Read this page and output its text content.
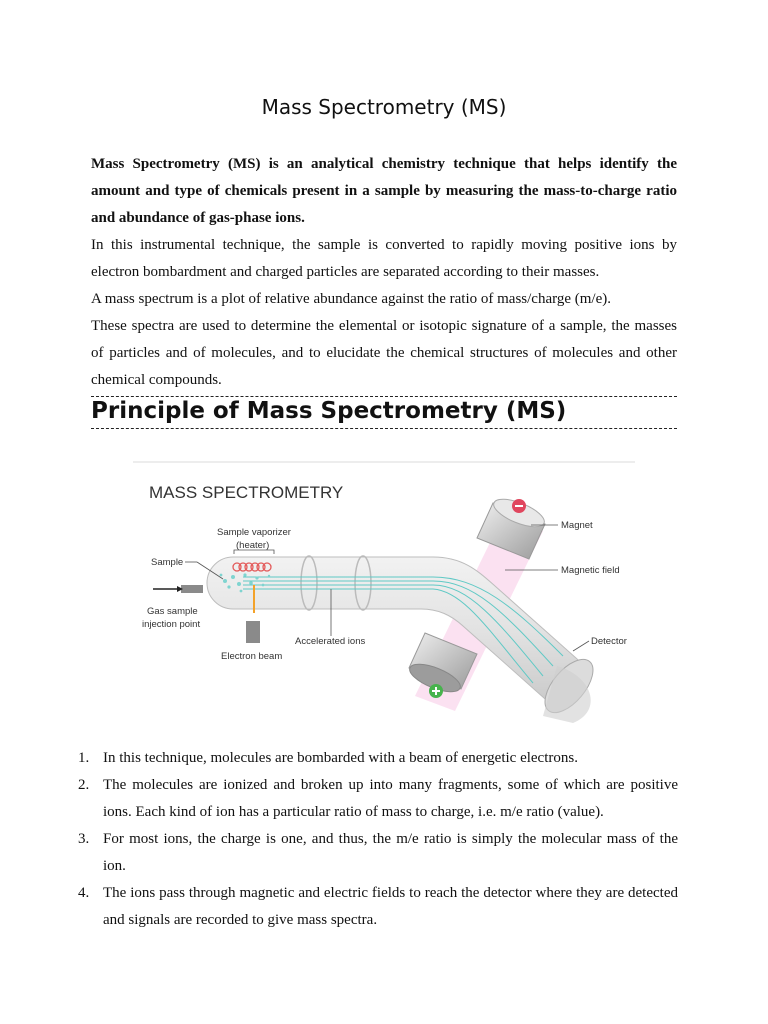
Mass Spectrometry (MS)

Mass Spectrometry (MS) is an analytical chemistry technique that helps identify the amount and type of chemicals present in a sample by measuring the mass-to-charge ratio and abundance of gas-phase ions.

In this instrumental technique, the sample is converted to rapidly moving positive ions by electron bombardment and charged particles are separated according to their masses.

A mass spectrum is a plot of relative abundance against the ratio of mass/charge (m/e).

These spectra are used to determine the elemental or isotopic signature of a sample, the masses of particles and of molecules, and to elucidate the chemical structures of molecules and other chemical compounds.

Principle of Mass Spectrometry (MS)
MASS SPECTROMETRY
Sample vaporizer
(heater)
Sample
Gas sample
injection point
Electron beam
Accelerated ions
Magnet
Magnetic field
Detector
1. In this technique, molecules are bombarded with a beam of energetic electrons.
2. The molecules are ionized and broken up into many fragments, some of which are positive ions. Each kind of ion has a particular ratio of mass to charge, i.e. m/e ratio (value).
3. For most ions, the charge is one, and thus, the m/e ratio is simply the molecular mass of the ion.
4. The ions pass through magnetic and electric fields to reach the detector where they are detected and signals are recorded to give mass spectra.
